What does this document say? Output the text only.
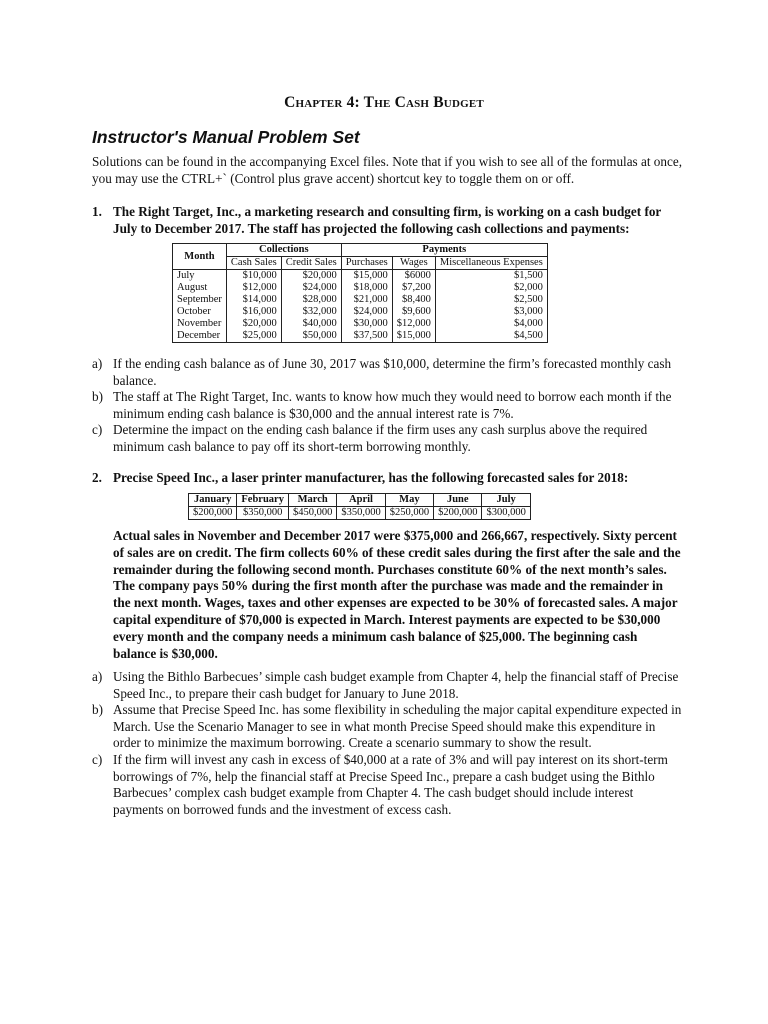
Chapter 4: The Cash Budget
Instructor's Manual Problem Set

Solutions can be found in the accompanying Excel files. Note that if you wish to see all of the formulas at once, you may use the CTRL+` (Control plus grave accent) shortcut key to toggle them on or off.

1. The Right Target, Inc., a marketing research and consulting firm, is working on a cash budget for July to December 2017. The staff has projected the following cash collections and payments:
Month	Collections		Payments		
	Cash Sales	Credit Sales	Purchases	Wages	Miscellaneous Expenses
July	$10,000	$20,000	$15,000	$6000	$1,500
August	$12,000	$24,000	$18,000	$7,200	$2,000
September	$14,000	$28,000	$21,000	$8,400	$2,500
October	$16,000	$32,000	$24,000	$9,600	$3,000
November	$20,000	$40,000	$30,000	$12,000	$4,000
December	$25,000	$50,000	$37,500	$15,000	$4,500
a) If the ending cash balance as of June 30, 2017 was $10,000, determine the firm’s forecasted monthly cash balance.
b) The staff at The Right Target, Inc. wants to know how much they would need to borrow each month if the minimum ending cash balance is $30,000 and the annual interest rate is 7%.
c) Determine the impact on the ending cash balance if the firm uses any cash surplus above the required minimum cash balance to pay off its short-term borrowing monthly.
2. Precise Speed Inc., a laser printer manufacturer, has the following forecasted sales for 2018:
January	February	March	April	May	June	July
$200,000	$350,000	$450,000	$350,000	$250,000	$200,000	$300,000

Actual sales in November and December 2017 were $375,000 and 266,667, respectively. Sixty percent of sales are on credit. The firm collects 60% of these credit sales during the first after the sale and the remainder during the following second month. Purchases constitute 60% of the next month’s sales. The company pays 50% during the first month after the purchase was made and the remainder in the next month. Wages, taxes and other expenses are expected to be 30% of forecasted sales. A major capital expenditure of $70,000 is expected in March. Interest payments are expected to be $30,000 every month and the company needs a minimum cash balance of $25,000. The beginning cash balance is $30,000.

a) Using the Bithlo Barbecues’ simple cash budget example from Chapter 4, help the financial staff of Precise Speed Inc., to prepare their cash budget for January to June 2018.
b) Assume that Precise Speed Inc. has some flexibility in scheduling the major capital expenditure expected in March. Use the Scenario Manager to see in what month Precise Speed should make this expenditure in order to minimize the maximum borrowing. Create a scenario summary to show the result.
c) If the firm will invest any cash in excess of $40,000 at a rate of 3% and will pay interest on its short-term borrowings of 7%, help the financial staff at Precise Speed Inc., prepare a cash budget using the Bithlo Barbecues’ complex cash budget example from Chapter 4. The cash budget should include interest payments on borrowed funds and the investment of excess cash.
